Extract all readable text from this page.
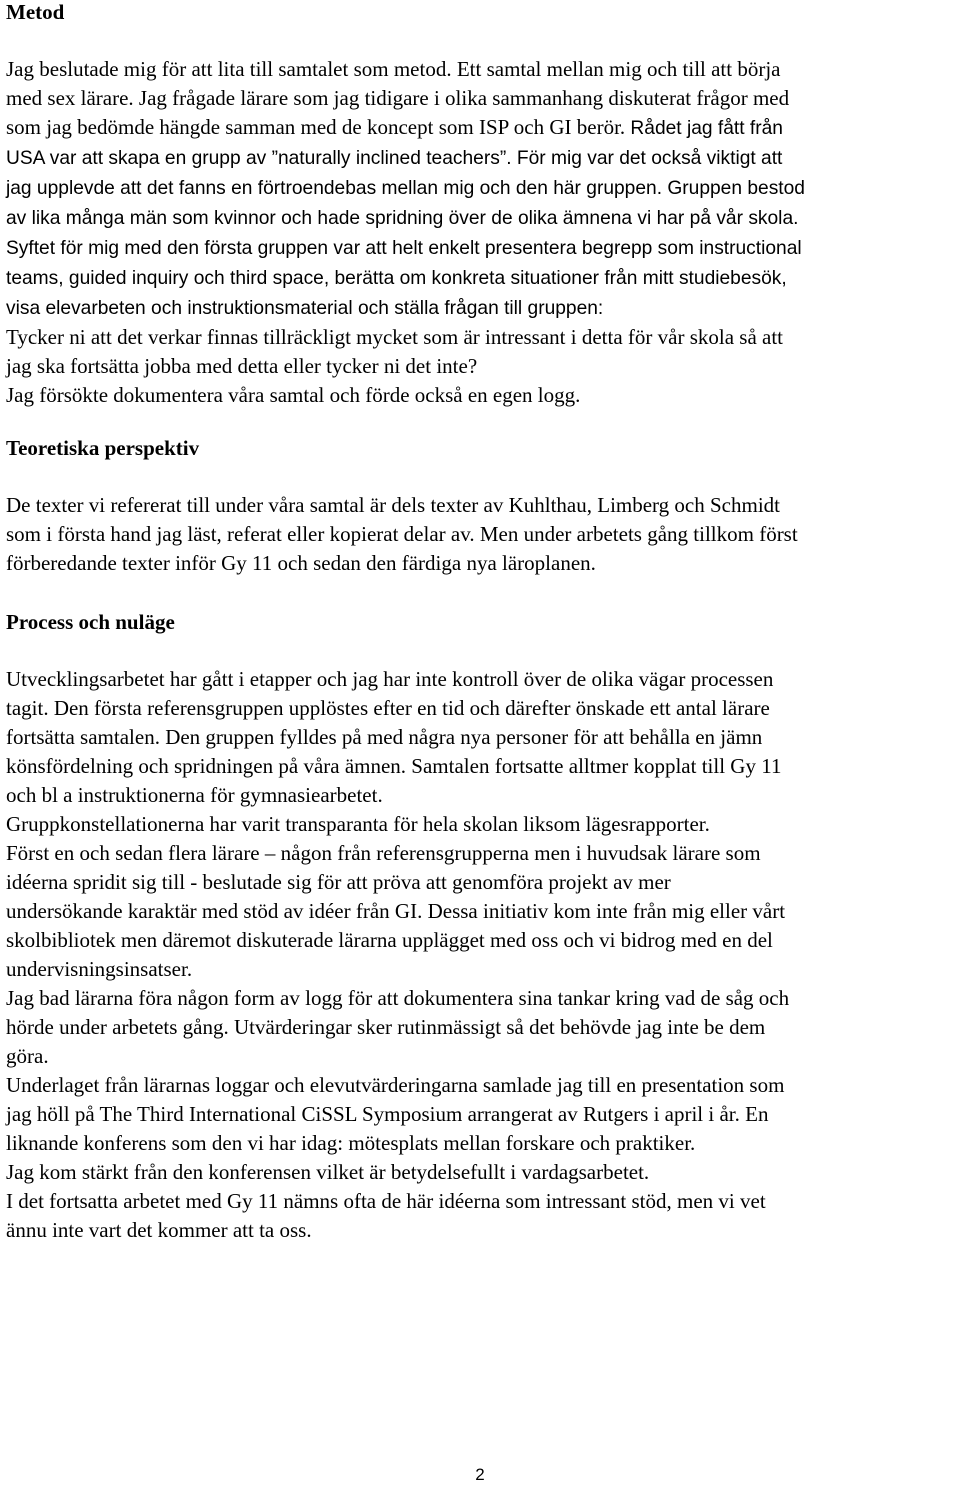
Metod

Jag beslutade mig för att lita till samtalet som metod. Ett samtal mellan mig och till att börja
med sex lärare. Jag frågade lärare som jag tidigare i olika sammanhang diskuterat frågor med
som jag bedömde hängde samman med de koncept som ISP och GI berör. Rådet jag fått från
USA var att skapa en grupp av ”naturally inclined teachers”. För mig var det också viktigt att
jag upplevde att det fanns en förtroendebas mellan mig och den här gruppen. Gruppen bestod
av lika många män som kvinnor och hade spridning över de olika ämnena vi har på vår skola.
Syftet för mig med den första gruppen var att helt enkelt presentera begrepp som instructional
teams, guided inquiry och third space, berätta om konkreta situationer från mitt studiebesök,
visa elevarbeten och instruktionsmaterial och ställa frågan till gruppen:
Tycker ni att det verkar finnas tillräckligt mycket som är intressant i detta för vår skola så att
jag ska fortsätta jobba med detta eller tycker ni det inte?
Jag försökte dokumentera våra samtal och förde också en egen logg.

Teoretiska perspektiv

De texter vi refererat till under våra samtal är dels texter av Kuhlthau, Limberg och Schmidt
som i första hand jag läst, referat eller kopierat delar av. Men under arbetets gång tillkom först
förberedande texter inför Gy 11 och sedan den färdiga nya läroplanen.

Process och nuläge

Utvecklingsarbetet har gått i etapper och jag har inte kontroll över de olika vägar processen
tagit. Den första referensgruppen upplöstes efter en tid och därefter önskade ett antal lärare
fortsätta samtalen. Den gruppen fylldes på med några nya personer för att behålla en jämn
könsfördelning och spridningen på våra ämnen. Samtalen fortsatte alltmer kopplat till Gy 11
och bl a instruktionerna för gymnasiearbetet.
Gruppkonstellationerna har varit transparanta för hela skolan liksom lägesrapporter.
Först en och sedan flera lärare – någon från referensgrupperna men i huvudsak lärare som
idéerna spridit sig till - beslutade sig för att pröva att genomföra projekt av mer
undersökande karaktär med stöd av idéer från GI. Dessa initiativ kom inte från mig eller vårt
skolbibliotek men däremot diskuterade lärarna upplägget med oss och vi bidrog med en del
undervisningsinsatser.
Jag bad lärarna föra någon form av logg för att dokumentera sina tankar kring vad de såg och
hörde under arbetets gång. Utvärderingar sker rutinmässigt så det behövde jag inte be dem
göra.
Underlaget från lärarnas loggar och elevutvärderingarna samlade jag till en presentation som
jag höll på The Third International CiSSL Symposium arrangerat av Rutgers i april i år. En
liknande konferens som den vi har idag: mötesplats mellan forskare och praktiker.
Jag kom stärkt från den konferensen vilket är betydelsefullt i vardagsarbetet.
I det fortsatta arbetet med Gy 11 nämns ofta de här idéerna som intressant stöd, men vi vet
ännu inte vart det kommer att ta oss.

2
